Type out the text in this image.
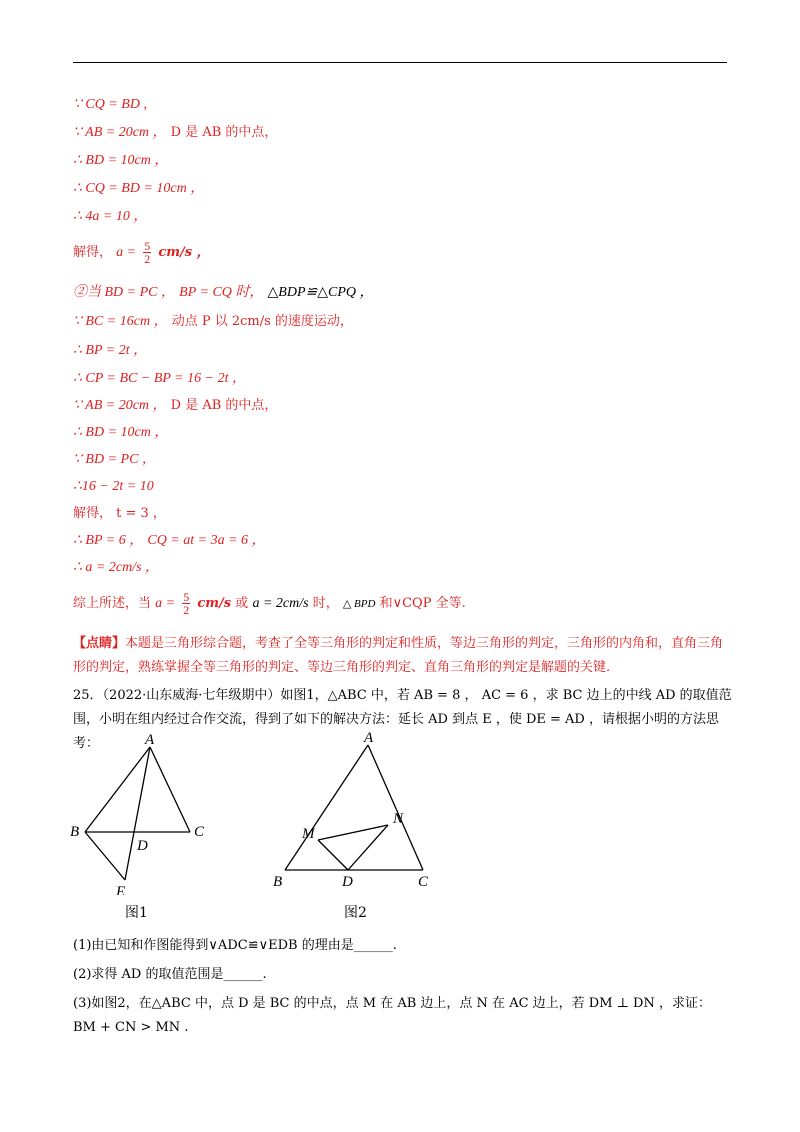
∵ CQ = BD ,
∵ AB = 20cm ， D 是 AB 的中点，
∴ BD = 10cm ，
∴ CQ = BD = 10cm ，
∴ 4a = 10 ，
解得， $a = \frac{5}{2} cm/s$ ，
②当 BD = PC ， BP = CQ 时， △BDP≌△CPQ ，
∵ BC = 16cm ， 动点 P 以 2cm/s 的速度运动，
∴ BP = 2t ，
∴ CP = BC − BP = 16 − 2t ，
∵ AB = 20cm ， D 是 AB 的中点，
∴ BD = 10cm ，
∵ BD = PC ，
∴16 − 2t = 10
解得， t = 3 ，
∴ BP = 6 ， CQ = at = 3a = 6 ，
∴ a = 2cm/s ，
综上所述，当 $a = \frac{5}{2} cm/s$ 或 a = 2cm/s 时， △ BPD 和∨CQP 全等.
【点睛】本题是三角形综合题，考查了全等三角形的判定和性质，等边三角形的判定，三角形的内角和，直角三角形的判定，熟练掌握全等三角形的判定、等边三角形的判定、直角三角形的判定是解题的关键.
25．（2022·山东威海·七年级期中）如图1，△ABC 中，若 AB = 8 ， AC = 6 ，求 BC 边上的中线 AD 的取值范围，小明在组内经过合作交流，得到了如下的解决方法：延长 AD 到点 E ，使 DE = AD ，请根据小明的方法思考：	A
B	C
D
E
图1
A
M
N
B	D	C
图2
(1)由已知和作图能得到∨ADC≌∨EDB 的理由是______.
(2)求得 AD 的取值范围是______.
(3)如图2，在△ABC 中，点 D 是 BC 的中点，点 M 在 AB 边上，点 N 在 AC 边上，若 DM ⊥ DN ，求证：
BM + CN > MN .
